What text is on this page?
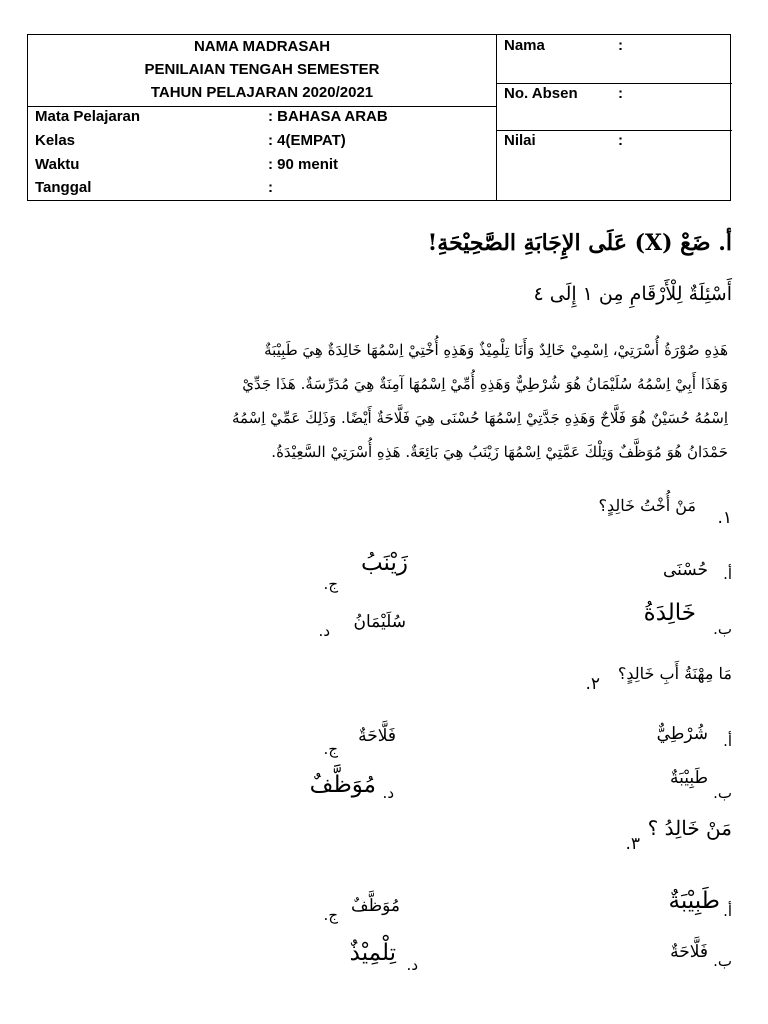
NAMA MADRASAH
PENILAIAN TENGAH SEMESTER
TAHUN PELAJARAN 2020/2021
Mata Pelajaran	: BAHASA ARAB
Kelas	: 4(EMPAT)
Waktu	: 90 menit
Tanggal	:
Nama	:
No. Absen	:
Nilai	:
أ. ضَعْ (X) عَلَى الإِجَابَةِ الصَّحِيْحَةِ!
أَسْئِلَةٌ لِلْأَرْقَامِ مِن ١ إِلَى ٤
هَذِهِ صُوْرَةُ أُسْرَتِيْ، اِسْمِيْ خَالِدٌ وَأَنَا تِلْمِيْذٌ وَهَذِهِ أُخْتِيْ اِسْمُهَا خَالِدَةٌ هِيَ طَبِيْبَةٌ
وَهَذَا أَبِيْ اِسْمُهُ سُلَيْمَانُ هُوَ شُرْطِيٌّ وَهَذِهِ أُمِّيْ اِسْمُهَا آمِنَةٌ هِيَ مُدَرِّسَةٌ. هَذَا جَدِّيْ
اِسْمُهُ حُسَيْنٌ هُوَ فَلَّاحٌ وَهَذِهِ جَدَّتِيْ اِسْمُهَا حُسْنَى هِيَ فَلَّاحَةٌ أَيْضًا. وَذَلِكَ عَمِّيْ اِسْمُهُ
حَمْدَانُ هُوَ مُوَظَّفٌ وَتِلْكَ عَمَّتِيْ اِسْمُهَا زَيْنَبُ هِيَ بَائِعَةٌ. هَذِهِ أُسْرَتِيْ السَّعِيْدَةُ.
١.
مَنْ أُخْتُ خَالِدٍ؟
حُسْنَى أ.
خَالِدَةُ
ب.
زَيْنَبُ
ج.
سُلَيْمَانُ
د.
٢.
مَا مِهْنَةُ أَبِ خَالِدٍ؟
شُرْطِيٌّ أ.
طَبِيْبَةٌ
ب.
فَلَّاحَةٌ
ج.
مُوَظَّفٌ د.
٣.
مَنْ خَالِدُ ؟
طَبِيْبَةٌ أ.
فَلَّاحَةٌ ب.
مُوَظَّفٌ
ج.
تِلْمِيْذٌ د.
